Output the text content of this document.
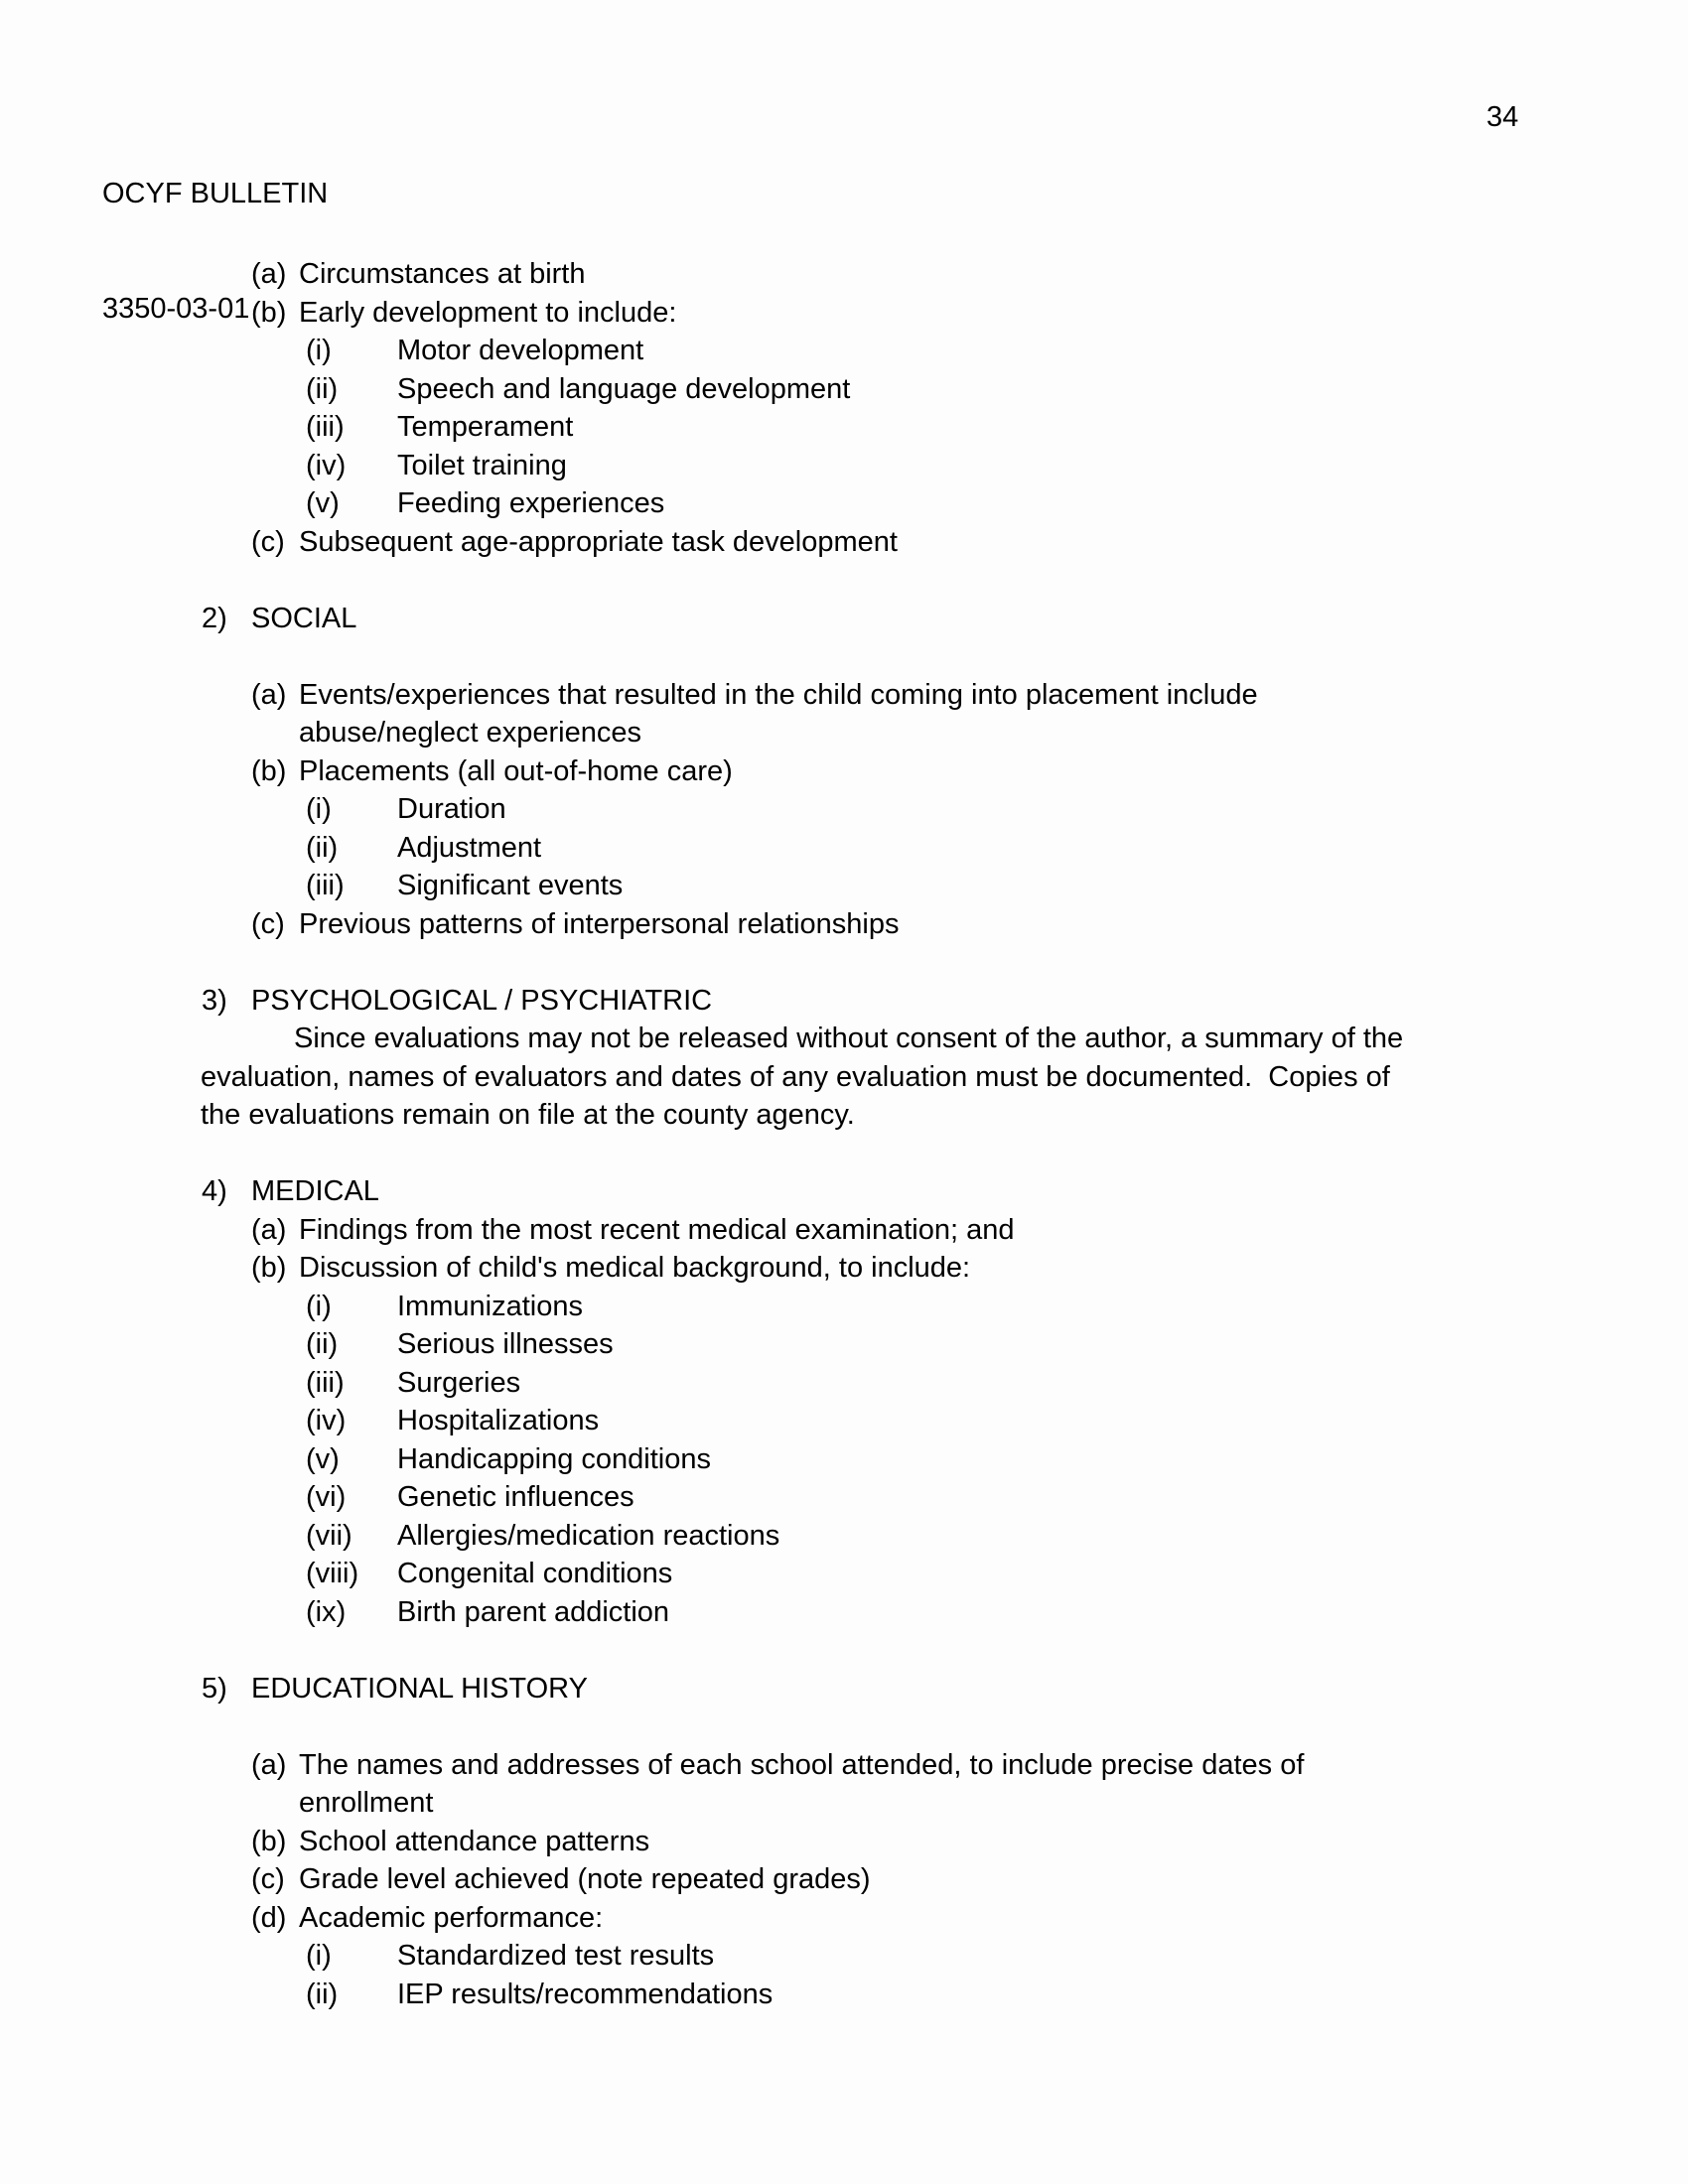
OCYF BULLETIN

3350-03-01

34
(a) Circumstances at birth
(b) Early development to include:
(i) Motor development
(ii) Speech and language development
(iii) Temperament
(iv) Toilet training
(v) Feeding experiences
(c) Subsequent age-appropriate task development
2) SOCIAL
(a) Events/experiences that resulted in the child coming into placement include
abuse/neglect experiences
(b) Placements (all out-of-home care)
(i) Duration
(ii) Adjustment
(iii) Significant events
(c) Previous patterns of interpersonal relationships
3) PSYCHOLOGICAL / PSYCHIATRIC
Since evaluations may not be released without consent of the author, a summary of the
evaluation, names of evaluators and dates of any evaluation must be documented.  Copies of
the evaluations remain on file at the county agency.
4) MEDICAL
(a) Findings from the most recent medical examination; and
(b) Discussion of child's medical background, to include:
(i) Immunizations
(ii) Serious illnesses
(iii) Surgeries
(iv) Hospitalizations
(v) Handicapping conditions
(vi) Genetic influences
(vii) Allergies/medication reactions
(viii) Congenital conditions
(ix) Birth parent addiction
5) EDUCATIONAL HISTORY
(a) The names and addresses of each school attended, to include precise dates of
enrollment
(b) School attendance patterns
(c) Grade level achieved (note repeated grades)
(d) Academic performance:
(i) Standardized test results
(ii) IEP results/recommendations
